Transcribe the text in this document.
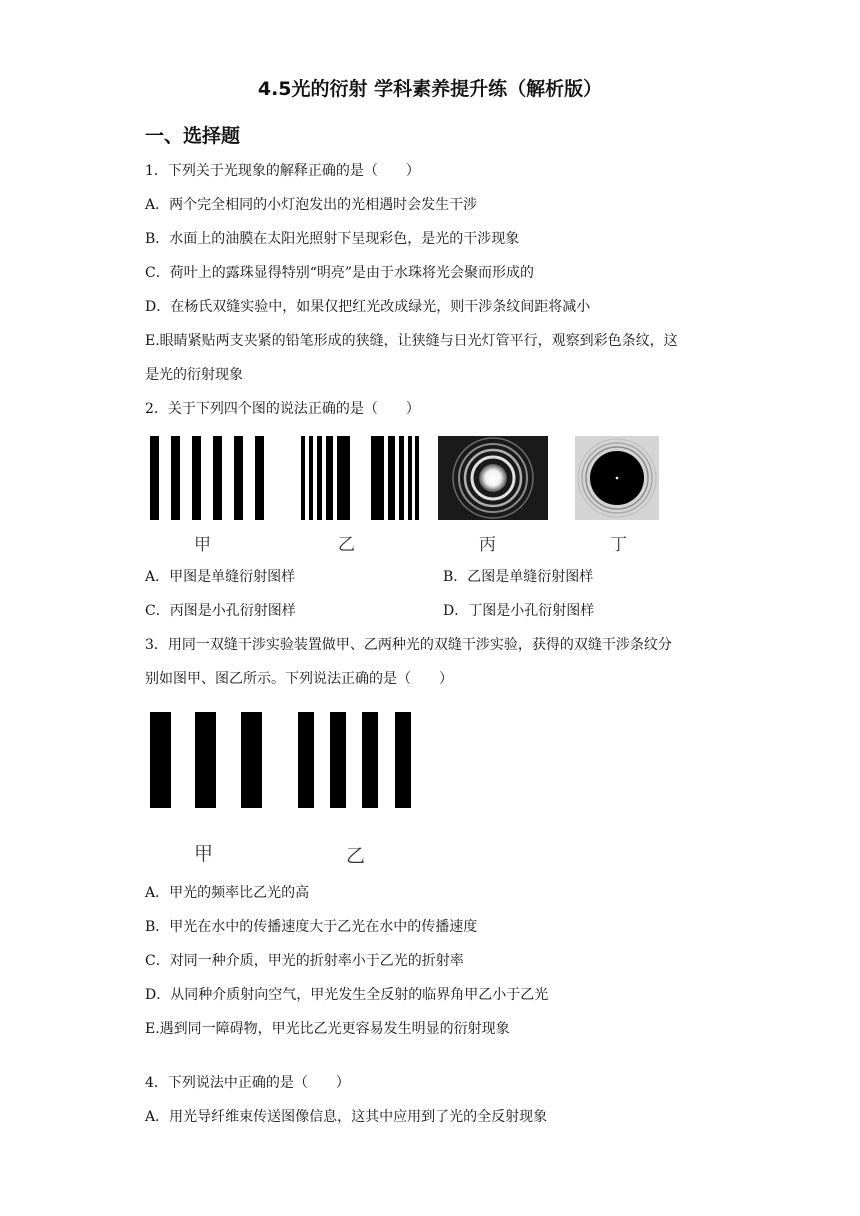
4.5光的衍射 学科素养提升练（解析版）
一、选择题
1．下列关于光现象的解释正确的是（　　）
A．两个完全相同的小灯泡发出的光相遇时会发生干涉
B．水面上的油膜在太阳光照射下呈现彩色，是光的干涉现象
C．荷叶上的露珠显得特别“明亮”是由于水珠将光会聚而形成的
D．在杨氏双缝实验中，如果仅把红光改成绿光，则干涉条纹间距将减小
E.眼睛紧贴两支夹紧的铅笔形成的狭缝，让狭缝与日光灯管平行，观察到彩色条纹，这
是光的衍射现象
2．关于下列四个图的说法正确的是（　　）
甲	乙	丙	丁
A．甲图是单缝衍射图样	B．乙图是单缝衍射图样
C．丙图是小孔衍射图样	D．丁图是小孔衍射图样
3．用同一双缝干涉实验装置做甲、乙两种光的双缝干涉实验，获得的双缝干涉条纹分
别如图甲、图乙所示。下列说法正确的是（　　）
甲	乙
A．甲光的频率比乙光的高
B．甲光在水中的传播速度大于乙光在水中的传播速度
C．对同一种介质，甲光的折射率小于乙光的折射率
D．从同种介质射向空气，甲光发生全反射的临界角甲乙小于乙光
E.遇到同一障碍物，甲光比乙光更容易发生明显的衍射现象
4．下列说法中正确的是（　　）
A．用光导纤维束传送图像信息，这其中应用到了光的全反射现象
